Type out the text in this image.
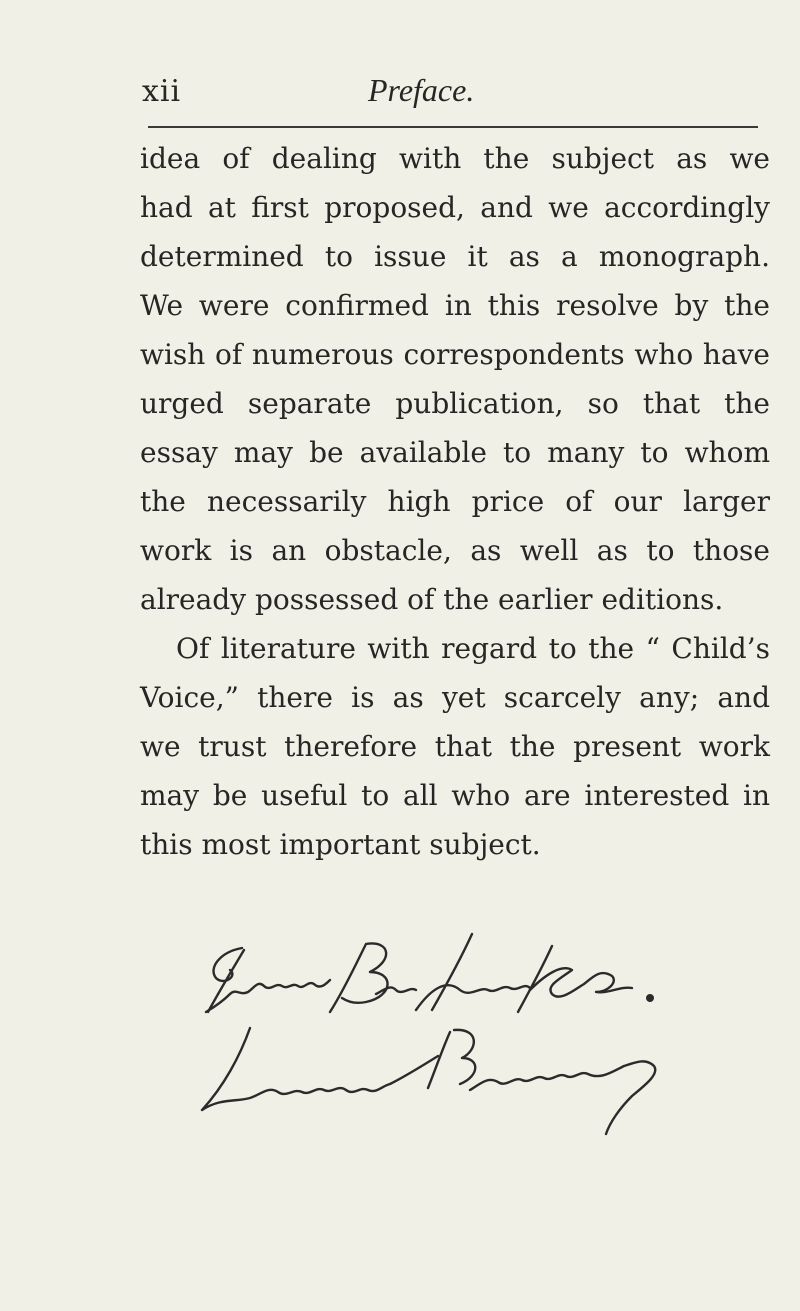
xii	Preface.
idea of dealing with the subject as we
had at first proposed, and we accordingly
determined to issue it as a monograph.
We were confirmed in this resolve by the
wish of numerous correspondents who have
urged separate publication, so that the
essay may be available to many to whom
the necessarily high price of our larger
work is an obstacle, as well as to those
already possessed of the earlier editions.
Of literature with regard to the “ Child’s
Voice,” there is as yet scarcely any; and
we trust therefore that the present work
may be useful to all who are interested in
this most important subject.
